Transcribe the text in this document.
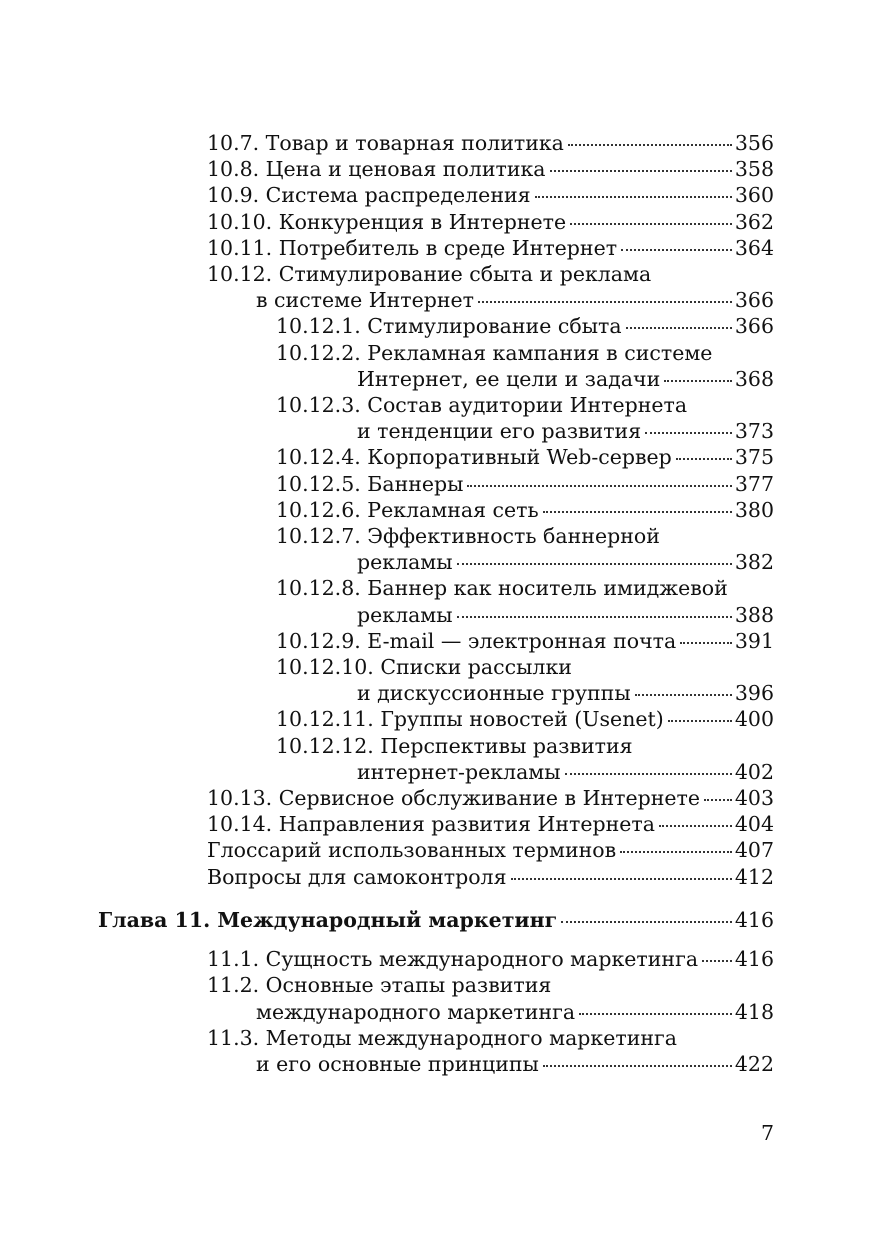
10.7. Товар и товарная политика	356
10.8. Цена и ценовая политика	358
10.9. Система распределения	360
10.10. Конкуренция в Интернете	362
10.11. Потребитель в среде Интернет	364
10.12. Стимулирование сбыта и реклама
в системе Интернет	366
10.12.1. Стимулирование сбыта	366
10.12.2. Рекламная кампания в системе
Интернет, ее цели и задачи	368
10.12.3. Состав аудитории Интернета
и тенденции его развития	373
10.12.4. Корпоративный Web-сервер	375
10.12.5. Баннеры	377
10.12.6. Рекламная сеть	380
10.12.7. Эффективность баннерной
рекламы	382
10.12.8. Баннер как носитель имиджевой
рекламы	388
10.12.9. E-mail — электронная почта	391
10.12.10. Списки рассылки
и дискуссионные группы	396
10.12.11. Группы новостей (Usenet)	400
10.12.12. Перспективы развития
интернет-рекламы	402
10.13. Сервисное обслуживание в Интернете 403
10.14. Направления развития Интернета	404
Глоссарий использованных терминов	407
Вопросы для самоконтроля	412
Глава 11. Международный маркетинг	416
11.1. Сущность международного маркетинга 416
11.2. Основные этапы развития
международного маркетинга	418
11.3. Методы международного маркетинга
и его основные принципы	422
7
